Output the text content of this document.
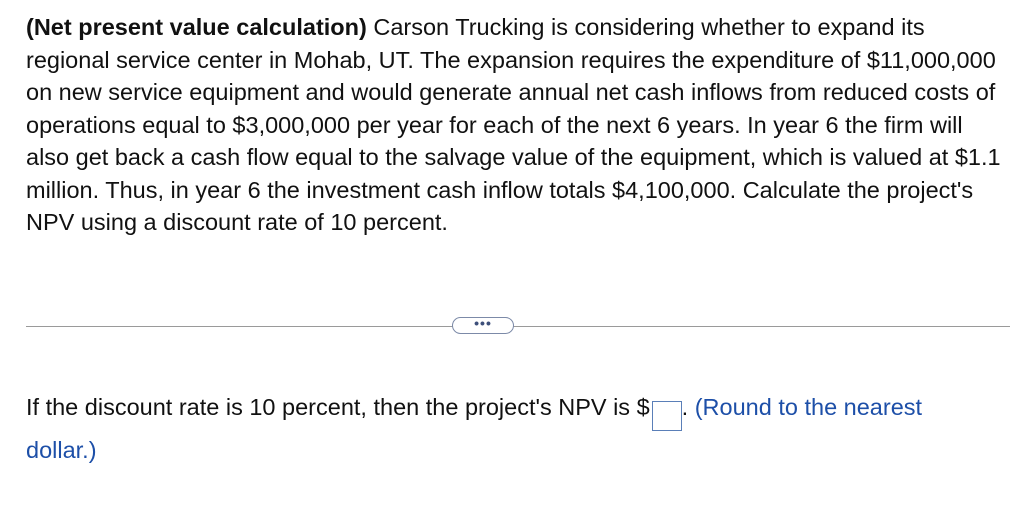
(Net present value calculation) Carson Trucking is considering whether to expand its regional service center in Mohab, UT. The expansion requires the expenditure of $11,000,000 on new service equipment and would generate annual net cash inflows from reduced costs of operations equal to $3,000,000 per year for each of the next 6 years. In year 6 the firm will also get back a cash flow equal to the salvage value of the equipment, which is valued at $1.1 million. Thus, in year 6 the investment cash inflow totals $4,100,000. Calculate the project's NPV using a discount rate of 10 percent.
•••
If the discount rate is 10 percent, then the project's NPV is $ . (Round to the nearest dollar.)
